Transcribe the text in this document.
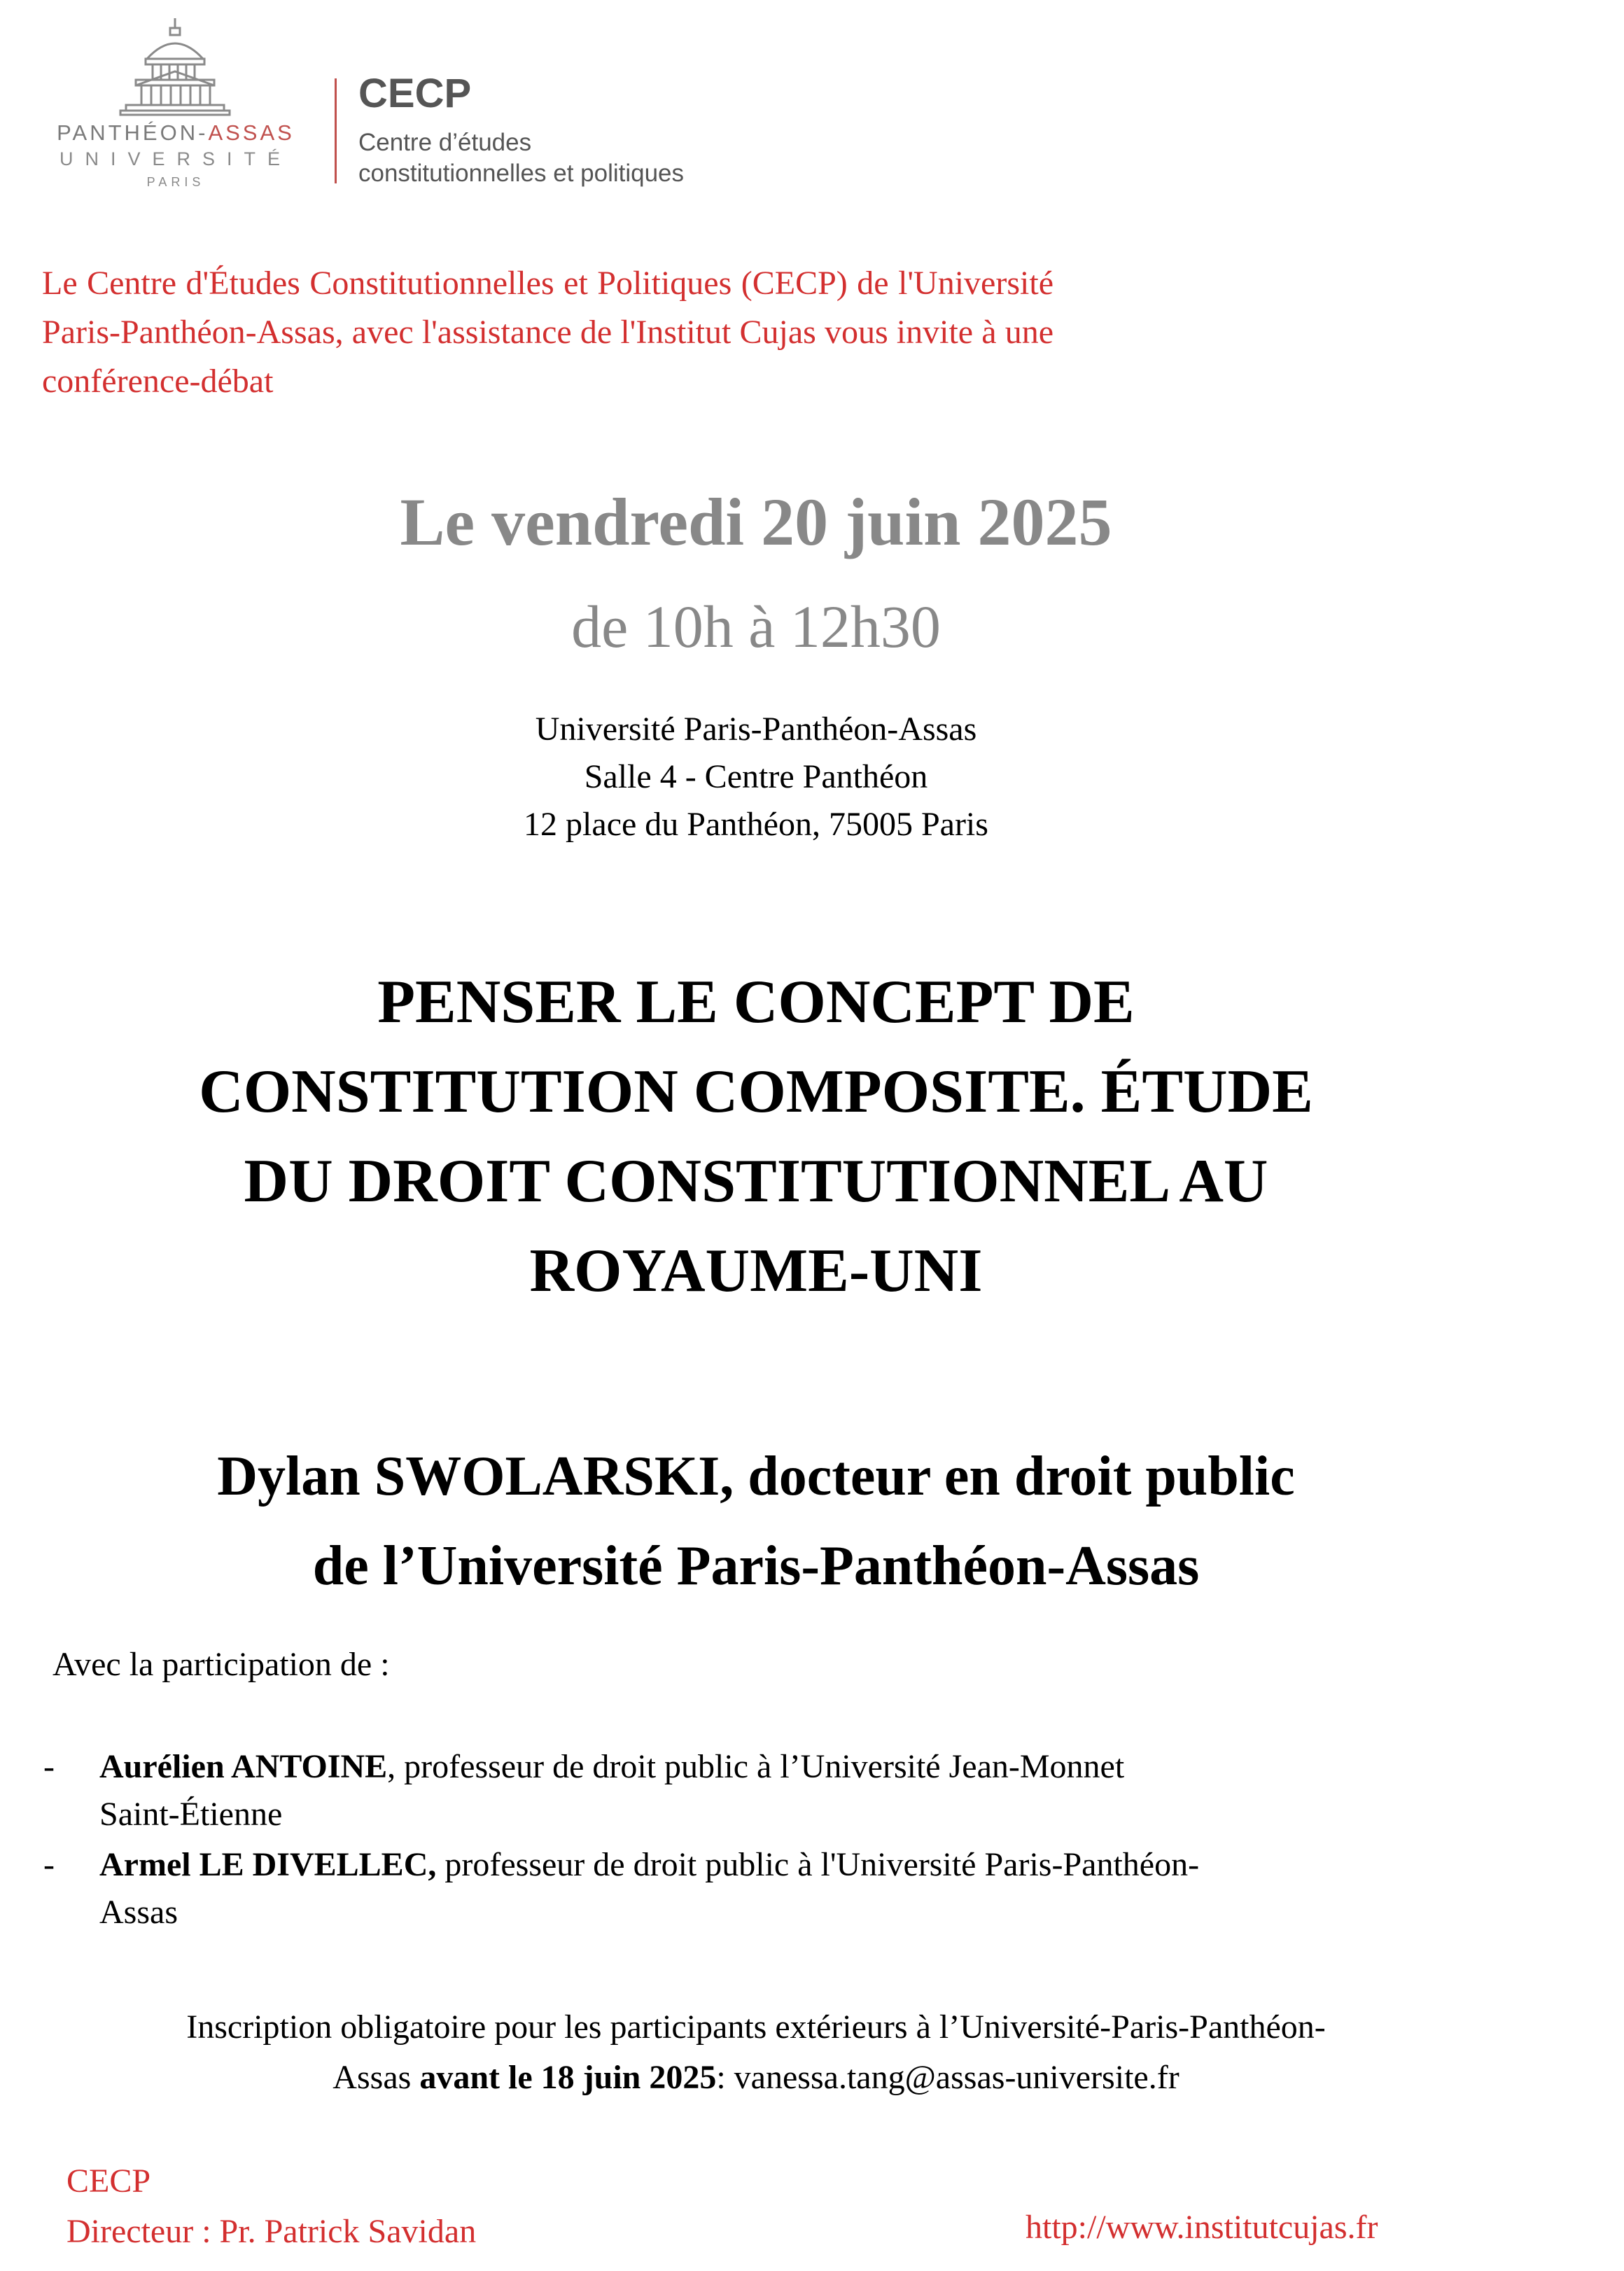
PANTHÉON-ASSAS
UNIVERSITÉ
PARIS
CECP
Centre d’études
constitutionnelles et politiques
Le Centre d'Études Constitutionnelles et Politiques (CECP) de l'Université Paris-Panthéon-Assas, avec l'assistance de l'Institut Cujas vous invite à une conférence-débat
Le vendredi 20 juin 2025
de 10h à 12h30
Université Paris-Panthéon-Assas
Salle 4 - Centre Panthéon
12 place du Panthéon, 75005 Paris
PENSER LE CONCEPT DE
CONSTITUTION COMPOSITE. ÉTUDE
DU DROIT CONSTITUTIONNEL AU
ROYAUME-UNI
Dylan SWOLARSKI, docteur en droit public
de l’Université Paris-Panthéon-Assas
Avec la participation de :
- Aurélien ANTOINE, professeur de droit public à l’Université Jean-Monnet
Saint-Étienne
- Armel LE DIVELLEC, professeur de droit public à l'Université Paris-Panthéon-
Assas
Inscription obligatoire pour les participants extérieurs à l’Université-Paris-Panthéon-
Assas avant le 18 juin 2025: vanessa.tang@assas-universite.fr
CECP
Directeur : Pr. Patrick Savidan	http://www.institutcujas.fr
